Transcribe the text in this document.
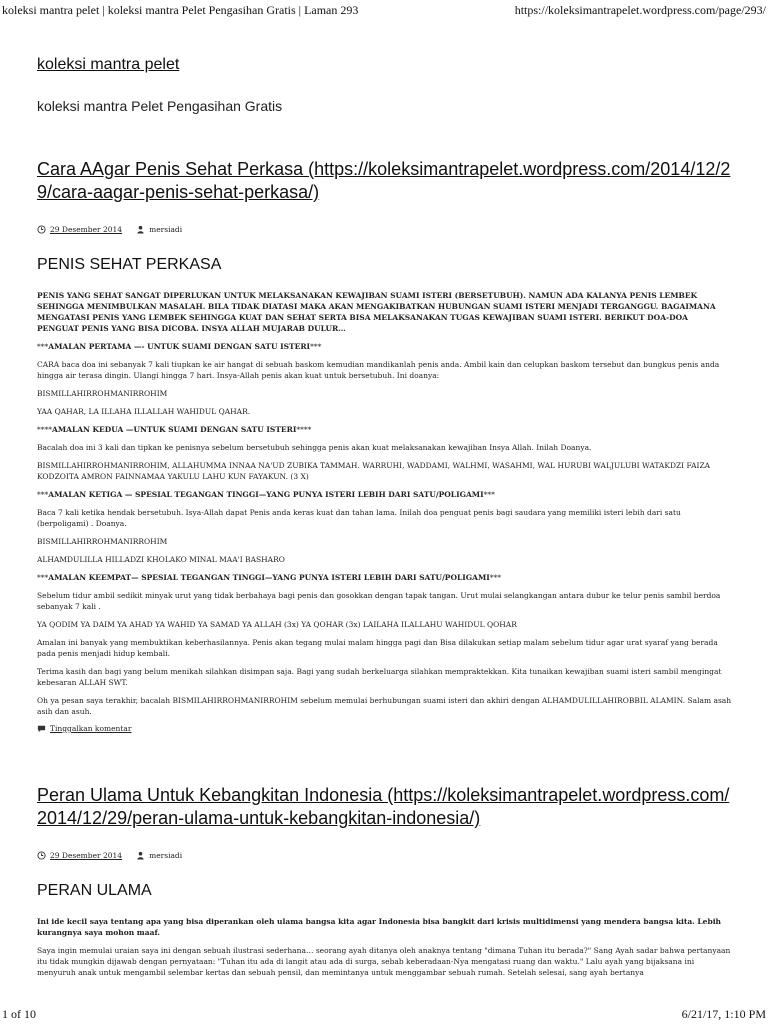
koleksi mantra pelet | koleksi mantra Pelet Pengasihan Gratis | Laman 293	https://koleksimantrapelet.wordpress.com/page/293/
koleksi mantra pelet
koleksi mantra Pelet Pengasihan Gratis
Cara AAgar Penis Sehat Perkasa (https://koleksimantrapelet.wordpress.com/2014/12/29/cara-aagar-penis-sehat-perkasa/)
29 Desember 2014	mersiadi
PENIS SEHAT PERKASA

PENIS YANG SEHAT SANGAT DIPERLUKAN UNTUK MELAKSANAKAN KEWAJIBAN SUAMI ISTERI (BERSETUBUH). NAMUN ADA KALANYA PENIS LEMBEK SEHINGGA MENIMBULKAN MASALAH. BILA TIDAK DIATASI MAKA AKAN MENGAKIBATKAN HUBUNGAN SUAMI ISTERI MENJADI TERGANGGU. BAGAIMANA MENGATASI PENIS YANG LEMBEK SEHINGGA KUAT DAN SEHAT SERTA BISA MELAKSANAKAN TUGAS KEWAJIBAN SUAMI ISTERI. BERIKUT DOA-DOA PENGUAT PENIS YANG BISA DICOBA. INSYA ALLAH MUJARAB DULUR…

***AMALAN PERTAMA —- UNTUK SUAMI DENGAN SATU ISTERI***

CARA baca doa ini sebanyak 7 kali tiupkan ke air hangat di sebuah baskom kemudian mandikanlah penis anda. Ambil kain dan celupkan baskom tersebut dan bungkus penis anda hingga air terasa dingin. Ulangi hingga 7 hari. Insya-Allah penis akan kuat untuk bersetubuh. Ini doanya:

BISMILLAHIRROHMANIRROHIM

YAA QAHAR, LA ILLAHA ILLALLAH WAHIDUL QAHAR.

****AMALAN KEDUA —UNTUK SUAMI DENGAN SATU ISTERI****

Bacalah doa ini 3 kali dan tipkan ke penisnya sebelum bersetubuh sehingga penis akan kuat melaksanakan kewajiban Insya Allah. Inilah Doanya.

BISMILLAHIRROHMANIRROHIM, ALLAHUMMA INNAA NA'UD ZUBIKA TAMMAH. WARRUHI, WADDAMI, WALHMI, WASAHMI, WAL HURUBI WALJULUBI WATAKDZI FAIZA KODZOITA AMRON FAINNAMAA YAKULU LAHU KUN FAYAKUN. (3 X)

***AMALAN KETIGA — SPESIAL TEGANGAN TINGGI—YANG PUNYA ISTERI LEBIH DARI SATU/POLIGAMI***

Baca 7 kali ketika hendak bersetubuh. Isya-Allah dapat Penis anda keras kuat dan tahan lama. Inilah doa penguat penis bagi saudara yang memiliki isteri lebih dari satu (berpoligami) . Doanya.

BISMILLAHIRROHMANIRROHIM

ALHAMDULILLA HILLADZI KHOLAKO MINAL MAA'I BASHARO

***AMALAN KEEMPAT— SPESIAL TEGANGAN TINGGI—YANG PUNYA ISTERI LEBIH DARI SATU/POLIGAMI***

Sebelum tidur ambil sedikit minyak urut yang tidak berbahaya bagi penis dan gosokkan dengan tapak tangan. Urut mulai selangkangan antara dubur ke telur penis sambil berdoa sebanyak 7 kali .

YA QODIM YA DAIM YA AHAD YA WAHID YA SAMAD YA ALLAH (3x) YA QOHAR (3x) LAILAHA ILALLAHU WAHIDUL QOHAR

Amalan ini banyak yang membuktikan keberhasilannya. Penis akan tegang mulai malam hingga pagi dan Bisa dilakukan setiap malam sebelum tidur agar urat syaraf yang berada pada penis menjadi hidup kembali.

Terima kasih dan bagi yang belum menikah silahkan disimpan saja. Bagi yang sudah berkeluarga silahkan mempraktekkan. Kita tunaikan kewajiban suami isteri sambil mengingat kebesaran ALLAH SWT.

Oh ya pesan saya terakhir, bacalah BISMILAHIRROHMANIRROHIM sebelum memulai berhubungan suami isteri dan akhiri dengan ALHAMDULILLAHIROBBIL ALAMIN. Salam asah asih dan asuh.

Tinggalkan komentar
Peran Ulama Untuk Kebangkitan Indonesia (https://koleksimantrapelet.wordpress.com/2014/12/29/peran-ulama-untuk-kebangkitan-indonesia/)
29 Desember 2014	mersiadi
PERAN ULAMA

Ini ide kecil saya tentang apa yang bisa diperankan oleh ulama bangsa kita agar Indonesia bisa bangkit dari krisis multidimensi yang mendera bangsa kita. Lebih kurangnya saya mohon maaf.

Saya ingin memulai uraian saya ini dengan sebuah ilustrasi sederhana… seorang ayah ditanya oleh anaknya tentang "dimana Tuhan itu berada?" Sang Ayah sadar bahwa pertanyaan itu tidak mungkin dijawab dengan pernyataan: "Tuhan itu ada di langit atau ada di surga, sebab keberadaan-Nya mengatasi ruang dan waktu." Lalu ayah yang bijaksana ini menyuruh anak untuk mengambil selembar kertas dan sebuah pensil, dan memintanya untuk menggambar sebuah rumah. Setelah selesai, sang ayah bertanya

1 of 10	6/21/17, 1:10 PM
